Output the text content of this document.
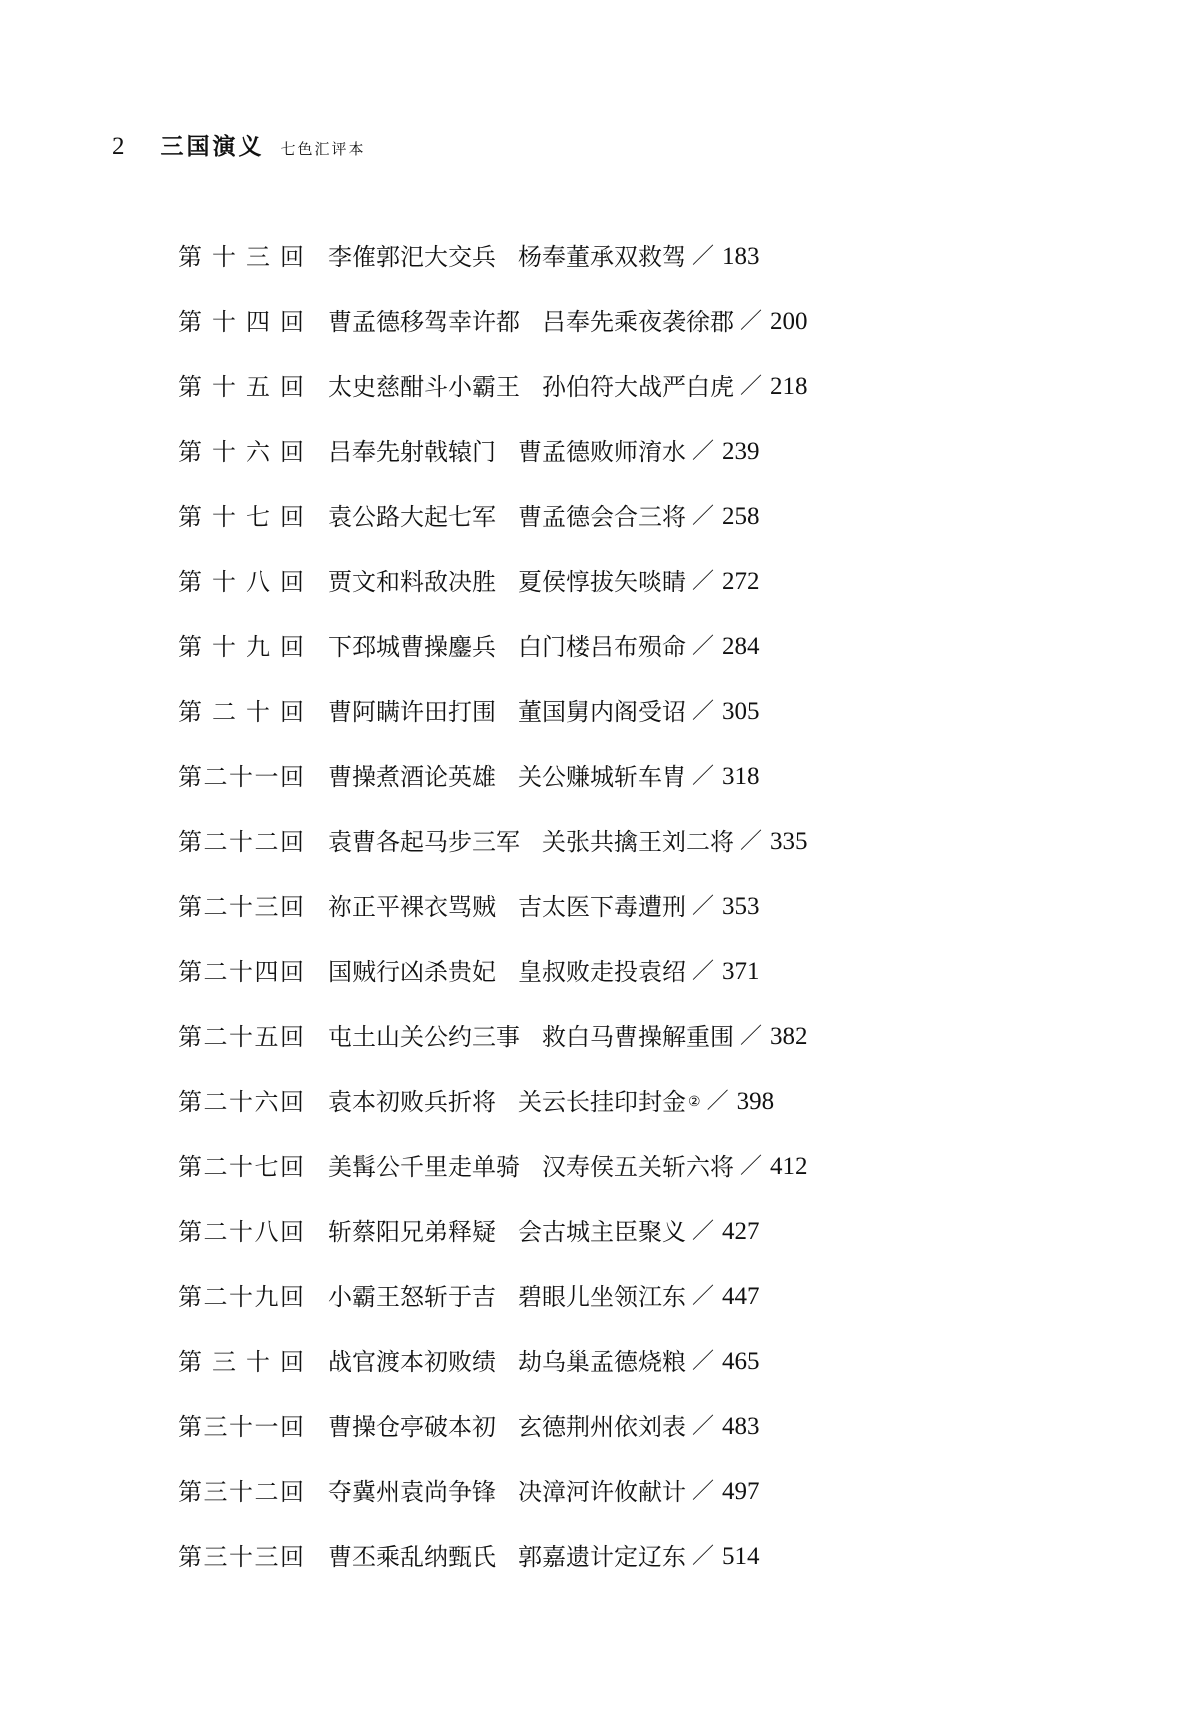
2 三国演义 七色汇评本
第十三回 李傕郭汜大交兵 杨奉董承双救驾 ／ 183
第十四回 曹孟德移驾幸许都 吕奉先乘夜袭徐郡 ／ 200
第十五回 太史慈酣斗小霸王 孙伯符大战严白虎 ／ 218
第十六回 吕奉先射戟辕门 曹孟德败师淯水 ／ 239
第十七回 袁公路大起七军 曹孟德会合三将 ／ 258
第十八回 贾文和料敌决胜 夏侯惇拔矢啖睛 ／ 272
第十九回 下邳城曹操鏖兵 白门楼吕布殒命 ／ 284
第二十回 曹阿瞒许田打围 董国舅内阁受诏 ／ 305
第二十一回 曹操煮酒论英雄 关公赚城斩车胄 ／ 318
第二十二回 袁曹各起马步三军 关张共擒王刘二将 ／ 335
第二十三回 祢正平裸衣骂贼 吉太医下毒遭刑 ／ 353
第二十四回 国贼行凶杀贵妃 皇叔败走投袁绍 ／ 371
第二十五回 屯土山关公约三事 救白马曹操解重围 ／ 382
第二十六回 袁本初败兵折将 关云长挂印封金 ② ／ 398
第二十七回 美髯公千里走单骑 汉寿侯五关斩六将 ／ 412
第二十八回 斩蔡阳兄弟释疑 会古城主臣聚义 ／ 427
第二十九回 小霸王怒斩于吉 碧眼儿坐领江东 ／ 447
第三十回 战官渡本初败绩 劫乌巢孟德烧粮 ／ 465
第三十一回 曹操仓亭破本初 玄德荆州依刘表 ／ 483
第三十二回 夺冀州袁尚争锋 决漳河许攸献计 ／ 497
第三十三回 曹丕乘乱纳甄氏 郭嘉遗计定辽东 ／ 514
